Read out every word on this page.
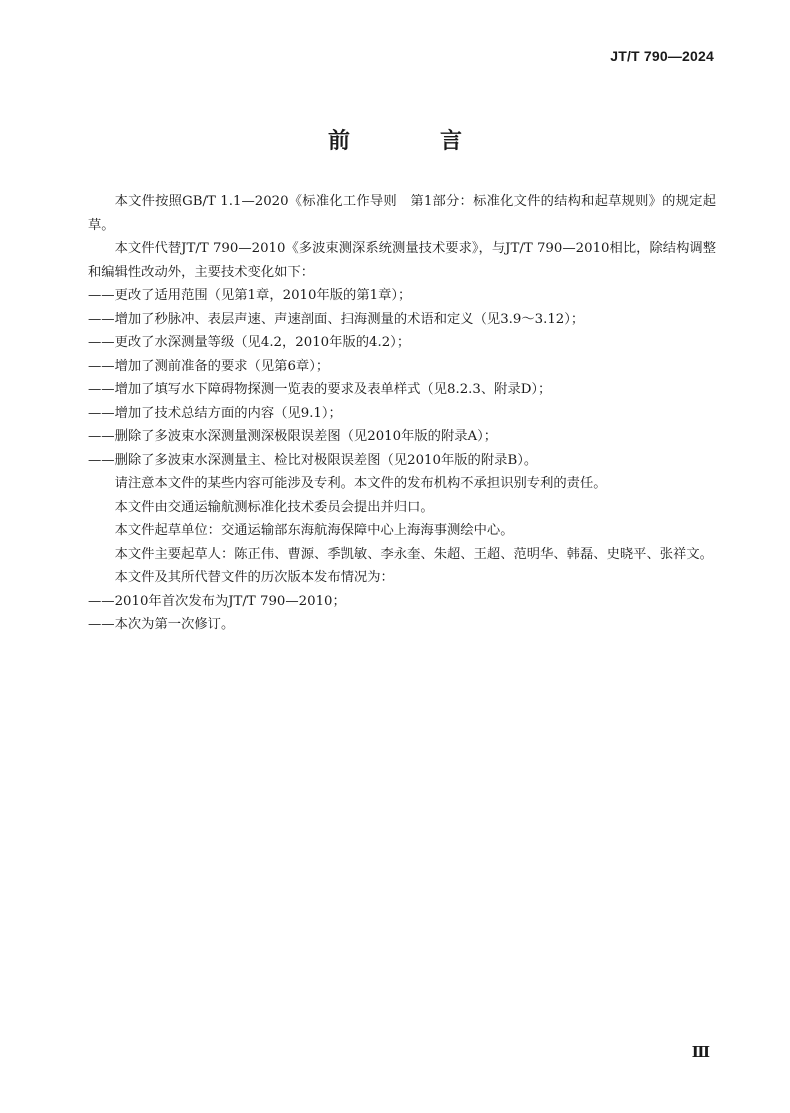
JT/T 790—2024
前　言

本文件按照GB/T 1.1—2020《标准化工作导则　第1部分：标准化文件的结构和起草规则》的规定起草。

本文件代替JT/T 790—2010《多波束测深系统测量技术要求》，与JT/T 790—2010相比，除结构调整和编辑性改动外，主要技术变化如下：

——更改了适用范围（见第1章，2010年版的第1章）；

——增加了秒脉冲、表层声速、声速剖面、扫海测量的术语和定义（见3.9～3.12）；

——更改了水深测量等级（见4.2，2010年版的4.2）；

——增加了测前准备的要求（见第6章）；

——增加了填写水下障碍物探测一览表的要求及表单样式（见8.2.3、附录D）；

——增加了技术总结方面的内容（见9.1）；

——删除了多波束水深测量测深极限误差图（见2010年版的附录A）；

——删除了多波束水深测量主、检比对极限误差图（见2010年版的附录B）。

请注意本文件的某些内容可能涉及专利。本文件的发布机构不承担识别专利的责任。

本文件由交通运输航测标准化技术委员会提出并归口。

本文件起草单位：交通运输部东海航海保障中心上海海事测绘中心。

本文件主要起草人：陈正伟、曹源、季凯敏、李永奎、朱超、王超、范明华、韩磊、史晓平、张祥文。

本文件及其所代替文件的历次版本发布情况为：

——2010年首次发布为JT/T 790—2010；

——本次为第一次修订。

Ⅲ
